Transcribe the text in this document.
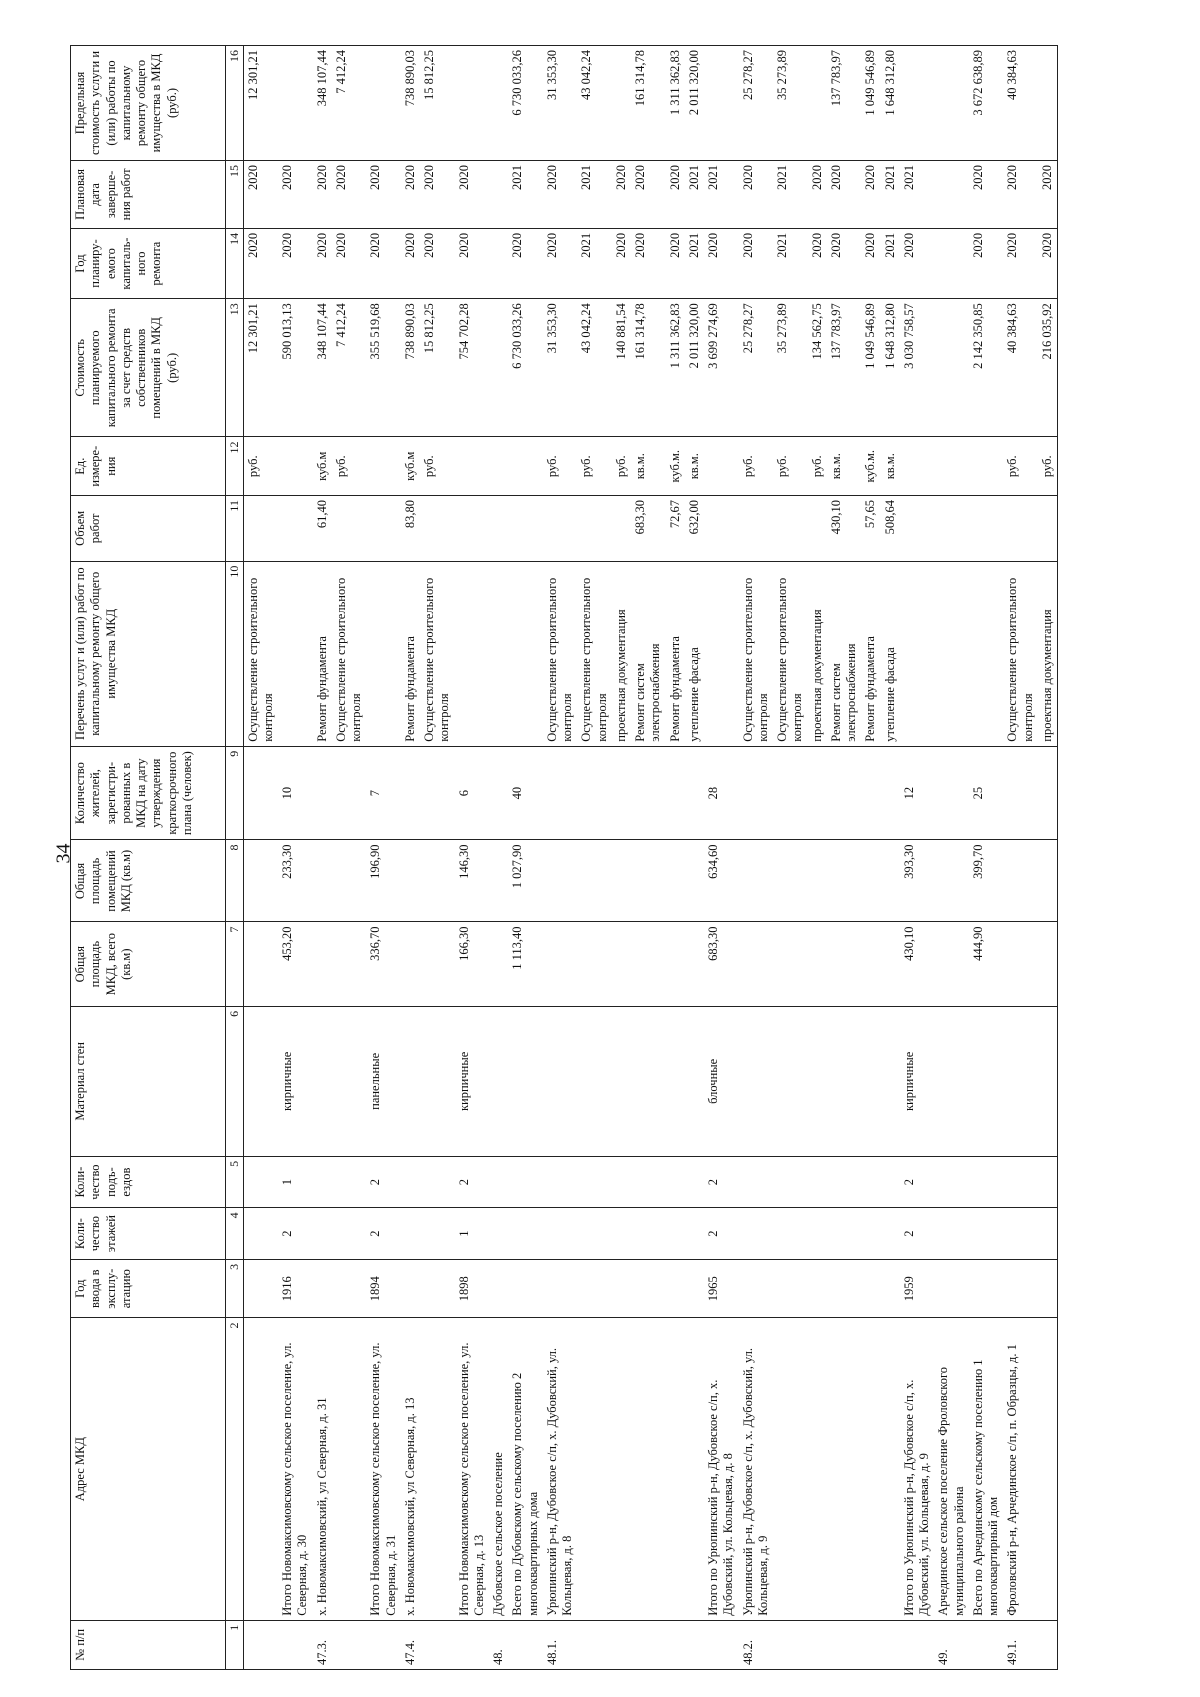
34
№ п/п	Адрес МКД	Год ввода в эксплу-атацию	Коли-чество этажей	Коли-чество подъ-ездов	Материал стен	Общая площадь МКД, всего (кв.м)	Общая площадь помещений МКД (кв.м)	Количество жителей, зарегистри-рованных в МКД на дату утверждения краткосрочного плана (человек)	Перечень услуг и (или) работ по капитальному ремонту общего имущества МКД	Объем работ	Ед. измере-ния	Стоимость планируемого капитального ремонта за счет средств собственников помещений в МКД (руб.)	Год планиру-емого капиталь-ного ремонта	Плановая дата заверше-ния работ	Предельная стоимость услуги и (или) работы по капитальному ремонту общего имущества в МКД (руб.)
1	2	3	4	5	6	7	8	9	10	11	12	13	14	15	16
									Осуществление строительного контроля		руб.	12 301,21	2020	2020	12 301,21
	Итого Новомаксимовскому сельское поселение, ул. Северная, д. 30	1916	2	1	кирпичные	453,20	233,30	10				590 013,13	2020	2020	
47.3.	х. Новомаксимовский, ул Северная, д. 31								Ремонт фундамента	61,40	куб.м	348 107,44	2020	2020	348 107,44
									Осуществление строительного контроля		руб.	7 412,24	2020	2020	7 412,24
	Итого Новомаксимовскому сельское поселение, ул. Северная, д. 31	1894	2	2	панельные	336,70	196,90	7				355 519,68	2020	2020	
47.4.	х. Новомаксимовский, ул Северная, д. 13								Ремонт фундамента	83,80	куб.м	738 890,03	2020	2020	738 890,03
									Осуществление строительного контроля		руб.	15 812,25	2020	2020	15 812,25
	Итого Новомаксимовскому сельское поселение, ул. Северная, д. 13	1898	1	2	кирпичные	166,30	146,30	6				754 702,28	2020	2020	
48.	Дубовское сельское поселение														
	Всего по Дубовскому сельскому поселению 2 многоквартирных дома					1 113,40	1 027,90	40				6 730 033,26	2020	2021	6 730 033,26
48.1.	Урюпинский р-н, Дубовское с/п, х. Дубовский, ул. Кольцевая, д. 8								Осуществление строительного контроля		руб.	31 353,30	2020	2020	31 353,30
									Осуществление строительного контроля		руб.	43 042,24	2021	2021	43 042,24
									проектная документация		руб.	140 881,54	2020	2020	
									Ремонт систем электроснабжения	683,30	кв.м.	161 314,78	2020	2020	161 314,78
									Ремонт фундамента	72,67	куб.м.	1 311 362,83	2020	2020	1 311 362,83
									утепление фасада	632,00	кв.м.	2 011 320,00	2021	2021	2 011 320,00
	Итого по Урюпинский р-н, Дубовское с/п, х. Дубовский, ул. Кольцевая, д. 8	1965	2	2	блочные	683,30	634,60	28				3 699 274,69	2020	2021	
48.2.	Урюпинский р-н, Дубовское с/п, х. Дубовский, ул. Кольцевая, д. 9								Осуществление строительного контроля		руб.	25 278,27	2020	2020	25 278,27
									Осуществление строительного контроля		руб.	35 273,89	2021	2021	35 273,89
									проектная документация		руб.	134 562,75	2020	2020	
									Ремонт систем электроснабжения	430,10	кв.м.	137 783,97	2020	2020	137 783,97
									Ремонт фундамента	57,65	куб.м.	1 049 546,89	2020	2020	1 049 546,89
									утепление фасада	508,64	кв.м.	1 648 312,80	2021	2021	1 648 312,80
	Итого по Урюпинский р-н, Дубовское с/п, х. Дубовский, ул. Кольцевая, д. 9	1959	2	2	кирпичные	430,10	393,30	12				3 030 758,57	2020	2021	
49.	Арчединское сельское поселение Фроловского муниципального района														
	Всего по Арчединскому сельскому поселению 1 многоквартирный дом					444,90	399,70	25				2 142 350,85	2020	2020	3 672 638,89
49.1.	Фроловский р-н, Арчединское с/п, п. Образцы, д. 1								Осуществление строительного контроля		руб.	40 384,63	2020	2020	40 384,63
									проектная документация		руб.	216 035,92	2020	2020	
